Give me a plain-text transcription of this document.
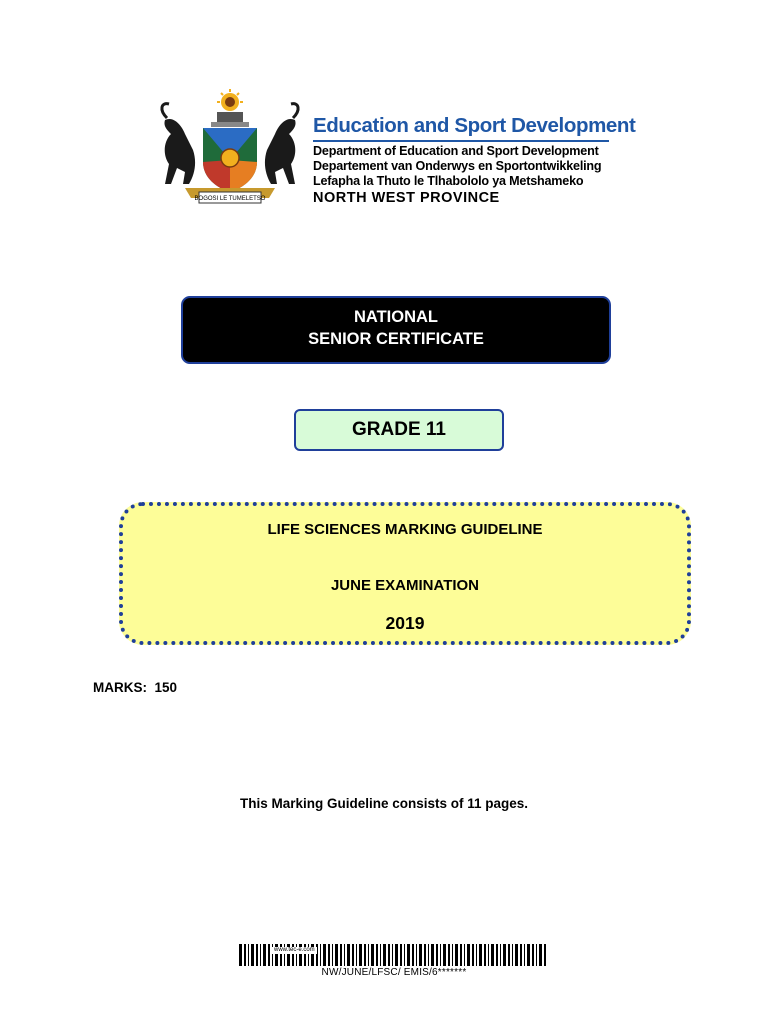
BOGOSI LE TUMELETSO
Education and Sport Development
Department of Education and Sport Development
Departement van Onderwys en Sportontwikkeling
Lefapha la Thuto le Tlhabololo ya Metshameko
NORTH WEST PROVINCE
NATIONAL
SENIOR CERTIFICATE
GRADE 11
LIFE SCIENCES MARKING GUIDELINE
JUNE EXAMINATION
2019
MARKS:  150
This Marking Guideline consists of 11 pages.
www.tec-e.com
NW/JUNE/LFSC/ EMIS/6*******
